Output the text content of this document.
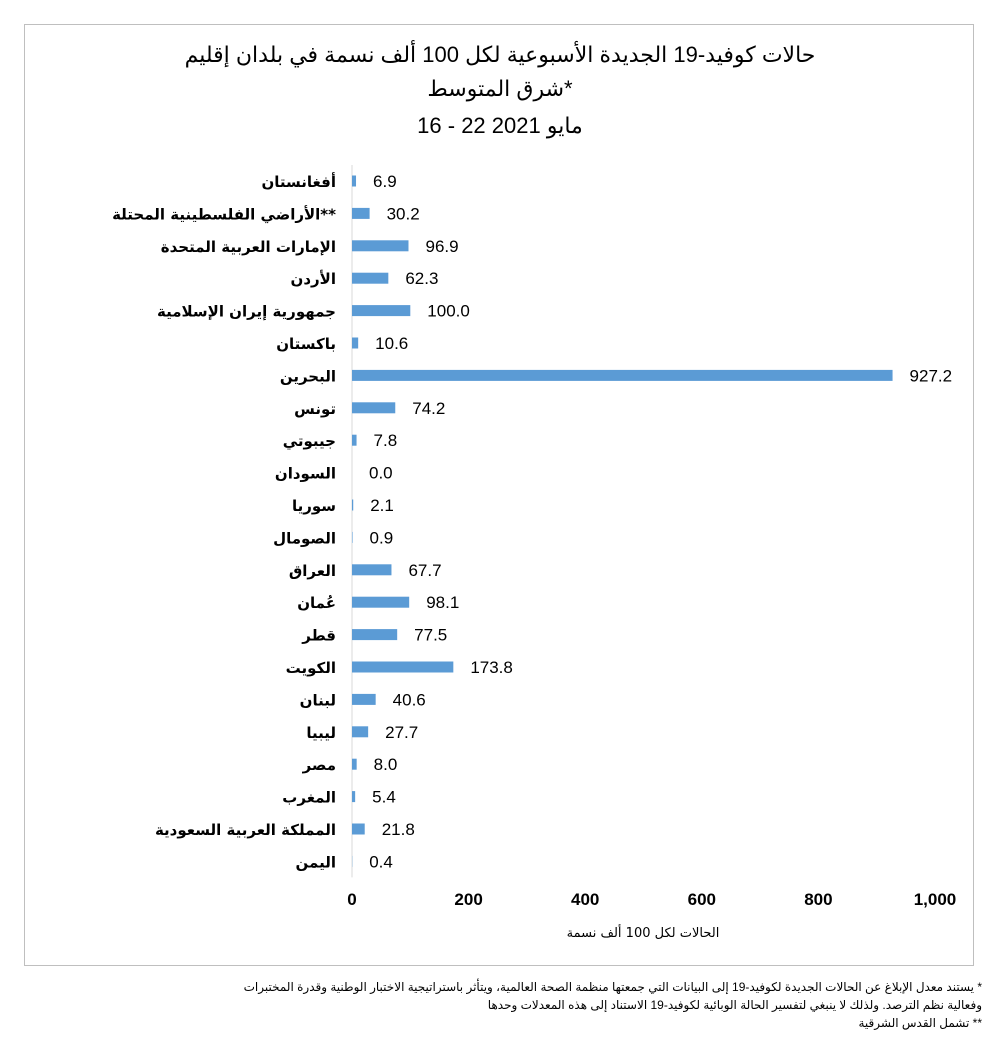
حالات كوفيد-19 الجديدة الأسبوعية لكل 100 ألف نسمة في بلدان إقليم
شرق المتوسط*
16 - 22 مايو 2021
أفغانستان 6.9
الأراضي الفلسطينية المحتلة**	30.2
الإمارات العربية المتحدة	96.9
الأردن	62.3
جمهورية إيران الإسلامية	100.0
باكستان 10.6
البحرين	927.2
تونس	74.2
جيبوتي 7.8
السودان 0.0
سوريا 2.1
الصومال 0.9
العراق	67.7
عُمان	98.1
قطر	77.5
الكويت	173.8
لبنان	40.6
ليبيا	27.7
مصر 8.0
المغرب 5.4
المملكة العربية السعودية	21.8
اليمن 0.4
0	200	400	600	800	1,000
الحالات لكل 100 ألف نسمة
* يستند معدل الإبلاغ عن الحالات الجديدة لكوفيد-19 إلى البيانات التي جمعتها منظمة الصحة العالمية، ويتأثر باستراتيجية الاختبار الوطنية وقدرة المختبرات
وفعالية نظم الترصد. ولذلك لا ينبغي لتفسير الحالة الوبائية لكوفيد-19 الاستناد إلى هذه المعدلات وحدها
** تشمل القدس الشرقية
